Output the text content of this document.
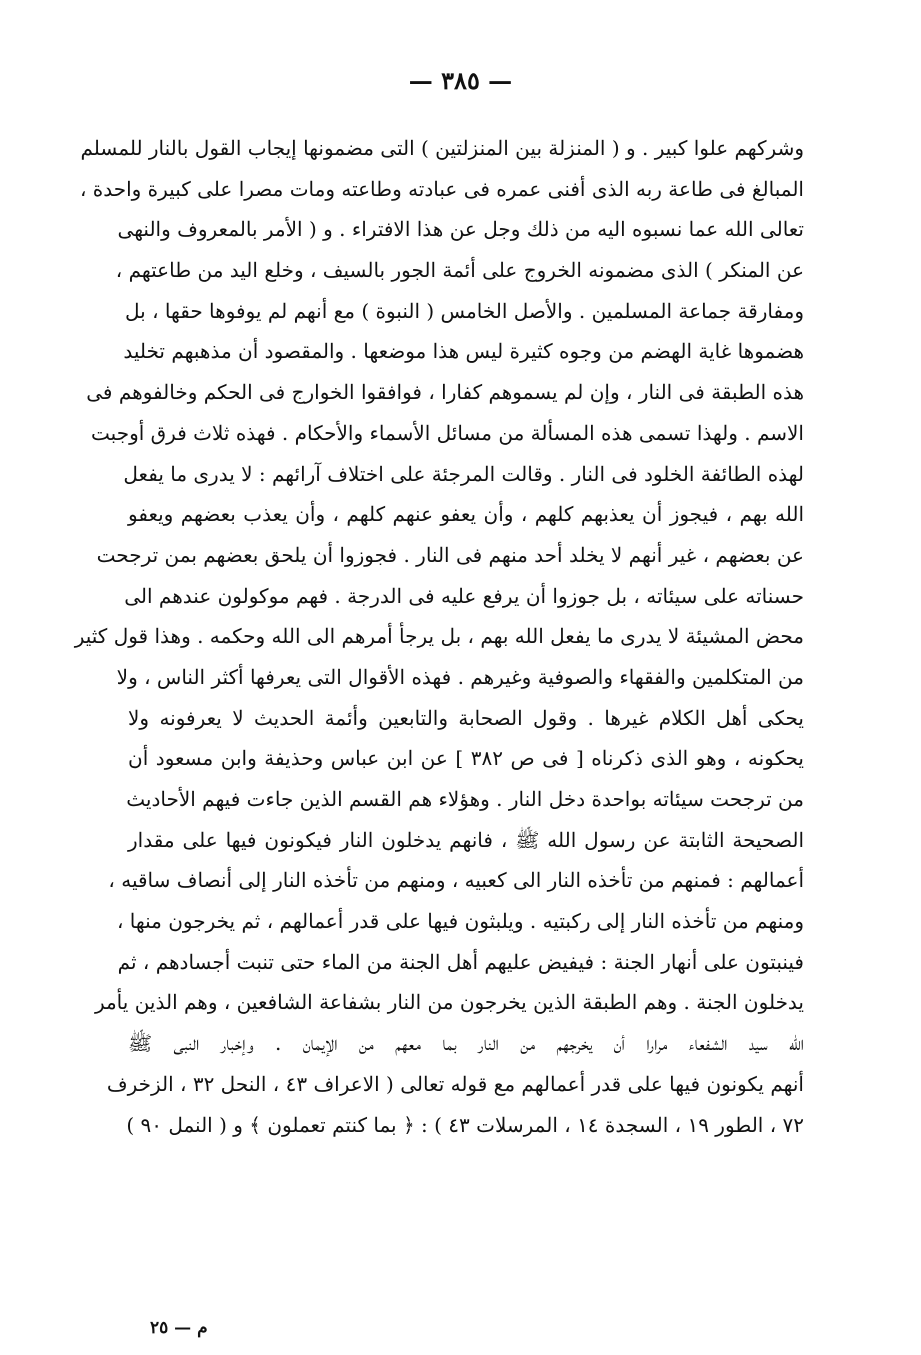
— ٣٨٥ —
وشركهم علوا كبير . و ( المنزلة بين المنزلتين ) التى مضمونها إيجاب القول بالنار للمسلم
المبالغ فى طاعة ربه الذى أفنى عمره فى عبادته وطاعته ومات مصرا على كبيرة واحدة ،
تعالى الله عما نسبوه اليه من ذلك وجل عن هذا الافتراء . و ( الأمر بالمعروف والنهى
عن المنكر ) الذى مضمونه الخروج على أئمة الجور بالسيف ، وخلع اليد من طاعتهم ،
ومفارقة جماعة المسلمين . والأصل الخامس ( النبوة ) مع أنهم لم يوفوها حقها ، بل
هضموها غاية الهضم من وجوه كثيرة ليس هذا موضعها . والمقصود أن مذهبهم تخليد
هذه الطبقة فى النار ، وإن لم يسموهم كفارا ، فوافقوا الخوارج فى الحكم وخالفوهم فى
الاسم . ولهذا تسمى هذه المسألة من مسائل الأسماء والأحكام . فهذه ثلاث فرق أوجبت
لهذه الطائفة الخلود فى النار . وقالت المرجئة على اختلاف آرائهم : لا يدرى ما يفعل
الله بهم ، فيجوز أن يعذبهم كلهم ، وأن يعفو عنهم كلهم ، وأن يعذب بعضهم ويعفو
عن بعضهم ، غير أنهم لا يخلد أحد منهم فى النار . فجوزوا أن يلحق بعضهم بمن ترجحت
حسناته على سيئاته ، بل جوزوا أن يرفع عليه فى الدرجة . فهم موكولون عندهم الى
محض المشيئة لا يدرى ما يفعل الله بهم ، بل يرجأ أمرهم الى الله وحكمه . وهذا قول كثير
من المتكلمين والفقهاء والصوفية وغيرهم . فهذه الأقوال التى يعرفها أكثر الناس ، ولا
يحكى أهل الكلام غيرها . وقول الصحابة والتابعين وأئمة الحديث لا يعرفونه ولا
يحكونه ، وهو الذى ذكرناه [ فى ص ٣٨٢ ] عن ابن عباس وحذيفة وابن مسعود أن
من ترجحت سيئاته بواحدة دخل النار . وهؤلاء هم القسم الذين جاءت فيهم الأحاديث
الصحيحة الثابتة عن رسول الله ﷺ ، فانهم يدخلون النار فيكونون فيها على مقدار
أعمالهم : فمنهم من تأخذه النار الى كعبيه ، ومنهم من تأخذه النار إلى أنصاف ساقيه ،
ومنهم من تأخذه النار إلى ركبتيه . ويلبثون فيها على قدر أعمالهم ، ثم يخرجون منها ،
فينبتون على أنهار الجنة : فيفيض عليهم أهل الجنة من الماء حتى تنبت أجسادهم ، ثم
يدخلون الجنة . وهم الطبقة الذين يخرجون من النار بشفاعة الشافعين ، وهم الذين يأمر
الله سيد الشفعاء مرارا أن يخرجهم من النار بما معهم من الإيمان . وإخبار النبى ﷺ
أنهم يكونون فيها على قدر أعمالهم مع قوله تعالى ( الاعراف ٤٣ ، النحل ٣٢ ، الزخرف
٧٢ ، الطور ١٩ ، السجدة ١٤ ، المرسلات ٤٣ ) : ﴿ بما كنتم تعملون ﴾ و ( النمل ٩٠ )
م — ٢٥
